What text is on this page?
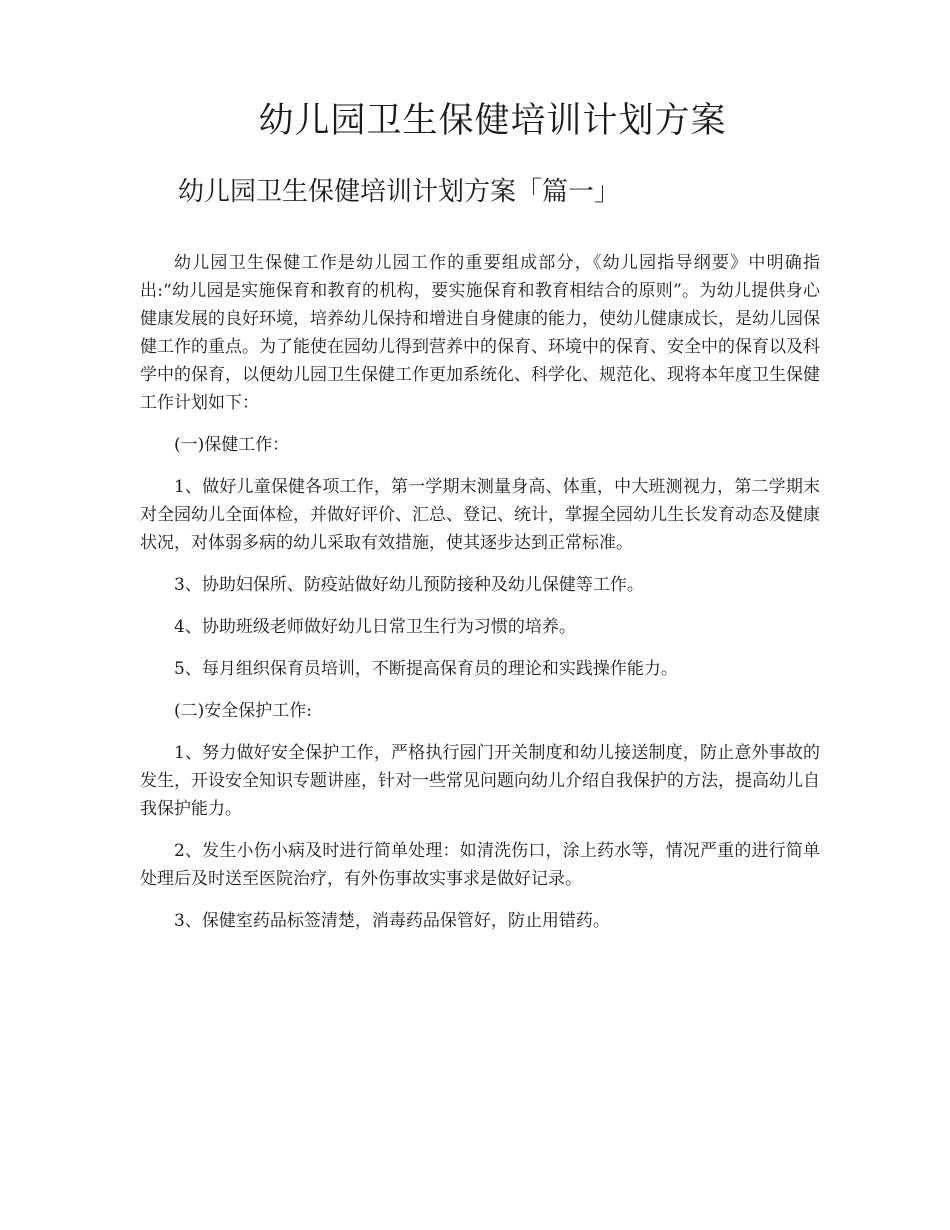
幼儿园卫生保健培训计划方案
幼儿园卫生保健培训计划方案「篇一」

幼儿园卫生保健工作是幼儿园工作的重要组成部分，《幼儿园指导纲要》中明确指出:“幼儿园是实施保育和教育的机构，要实施保育和教育相结合的原则”。为幼儿提供身心健康发展的良好环境，培养幼儿保持和增进自身健康的能力，使幼儿健康成长，是幼儿园保健工作的重点。为了能使在园幼儿得到营养中的保育、环境中的保育、安全中的保育以及科学中的保育，以便幼儿园卫生保健工作更加系统化、科学化、规范化、现将本年度卫生保健工作计划如下：

(一)保健工作：

1、做好儿童保健各项工作，第一学期末测量身高、体重，中大班测视力，第二学期末对全园幼儿全面体检，并做好评价、汇总、登记、统计，掌握全园幼儿生长发育动态及健康状况，对体弱多病的幼儿采取有效措施，使其逐步达到正常标准。

3、协助妇保所、防疫站做好幼儿预防接种及幼儿保健等工作。

4、协助班级老师做好幼儿日常卫生行为习惯的培养。

5、每月组织保育员培训，不断提高保育员的理论和实践操作能力。

(二)安全保护工作:

1、努力做好安全保护工作，严格执行园门开关制度和幼儿接送制度，防止意外事故的发生，开设安全知识专题讲座，针对一些常见问题向幼儿介绍自我保护的方法，提高幼儿自我保护能力。

2、发生小伤小病及时进行简单处理：如清洗伤口，涂上药水等，情况严重的进行简单处理后及时送至医院治疗，有外伤事故实事求是做好记录。

3、保健室药品标签清楚，消毒药品保管好，防止用错药。
